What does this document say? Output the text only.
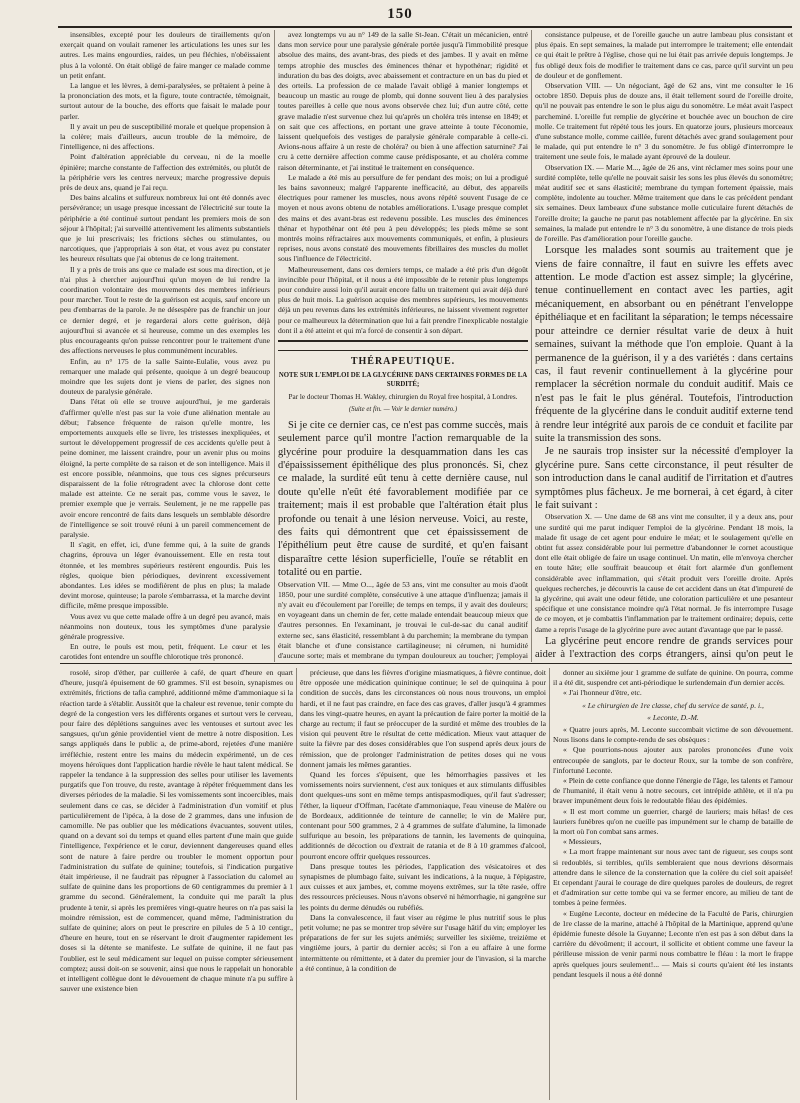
150

insensibles, excepté pour les douleurs de tiraillements qu'on exerçait quand on voulait ramener les articulations les unes sur les autres. Les mains engourdies, raides, un peu fléchies, n'obéissaient plus à la volonté. On était obligé de faire manger ce malade comme un petit enfant.

La langue et les lèvres, à demi-paralysées, se prêtaient à peine à la prononciation des mots, et la figure, toute contractée, témoignait, surtout autour de la bouche, des efforts que faisait le malade pour parler.

Il y avait un peu de susceptibilité morale et quelque propension à la colère; mais d'ailleurs, aucun trouble de la mémoire, de l'intelligence, ni des affections.

Point d'altération appréciable du cerveau, ni de la moelle épinière; marche constante de l'affection des extrémités, ou plutôt de la périphérie vers les centres nerveux; marche progressive depuis près de deux ans, quand je l'ai reçu.

Des bains alcalins et sulfureux nombreux lui ont été donnés avec persévérance; un usage presque incessant de l'électricité sur toute la périphérie a été continué surtout pendant les premiers mois de son séjour à l'hôpital; j'ai surveillé attentivement les aliments substantiels que je lui prescrivais; les frictions sèches ou stimulantes, ou narcotiques, que j'appropriais à son état, et vous avez pu constater les heureux résultats que j'ai obtenus de ce long traitement.

Il y a près de trois ans que ce malade est sous ma direction, et je n'ai plus à chercher aujourd'hui qu'un moyen de lui rendre la coordination volontaire des mouvements des membres inférieurs pour marcher. Tout le reste de la guérison est acquis, sauf encore un peu d'embarras de la parole. Je ne désespère pas de franchir un jour ce dernier degré, et je regarderai alors cette guérison, déjà aujourd'hui si avancée et si heureuse, comme un des exemples les plus encourageants qu'on puisse rencontrer pour le traitement d'une des affections nerveuses le plus communément incurables.

Enfin, au n° 175 de la salle Sainte-Eulalie, vous avez pu remarquer une malade qui présente, quoique à un degré beaucoup moindre que les sujets dont je viens de parler, des signes non douteux de paralysie générale.

Dans l'état où elle se trouve aujourd'hui, je me garderais d'affirmer qu'elle n'est pas sur la voie d'une aliénation mentale au début; l'absence fréquente de raison qu'elle montre, les emportements auxquels elle se livre, les tristesses inexpliquées, et surtout le développement progressif de ces accidents qu'elle peut à peine dominer, me laissent craindre, pour un avenir plus ou moins éloigné, la perte complète de sa raison et de son intelligence. Mais il est encore possible, néanmoins, que tous ces signes précurseurs disparaissent de la folie rétrogradent avec la chlorose dont cette malade est atteinte. Ce ne serait pas, comme vous le savez, le premier exemple que je verrais. Seulement, je ne me rappelle pas avoir encore rencontré de faits dans lesquels un semblable désordre de l'intelligence se soit trouvé réuni à un pareil commencement de paralysie.

Il s'agit, en effet, ici, d'une femme qui, à la suite de grands chagrins, éprouva un léger évanouissement. Elle en resta tout étonnée, et les membres supérieurs restèrent engourdis. Puis les règles, quoique bien périodiques, devinrent excessivement abondantes. Les idées se modifièrent de plus en plus; la malade devint morose, quinteuse; la parole s'embarrassa, et la marche devint difficile, même presque impossible.

Vous avez vu que cette malade offre à un degré peu avancé, mais néanmoins non douteux, tous les symptômes d'une paralysie générale progressive.

En outre, le pouls est mou, petit, fréquent. Le cœur et les carotides font entendre un souffle chlorotique très prononcé.

avez longtemps vu au n° 149 de la salle St-Jean. C'était un mécanicien, entré dans mon service pour une paralysie générale portée jusqu'à l'immobilité presque absolue des mains, des avant-bras, des pieds et des jambes. Il y avait en même temps atrophie des muscles des éminences thénar et hypothénar; rigidité et induration du bas des doigts, avec abaissement et contracture en un bas du pied et des orteils. La profession de ce malade l'avait obligé à manier longtemps et beaucoup un mastic au rouge de plomb, qui donne souvent lieu à des paralysies toutes pareilles à celle que nous avons observée chez lui; d'un autre côté, cette grave maladie n'est survenue chez lui qu'après un choléra très intense en 1849; et on sait que ces affections, en portant une grave atteinte à toute l'économie, laissent quelquefois des vestiges de paralysie générale comparable à celle-ci. Avions-nous affaire à un reste de choléra? ou bien à une affection saturnine? J'ai cru à cette dernière affection comme cause prédisposante, et au choléra comme raison déterminante, et j'ai institué le traitement en conséquence.

Le malade a été mis au persulfure de fer pendant des mois; on lui a prodigué les bains savonneux; malgré l'apparente inefficacité, au début, des appareils électriques pour ramener les muscles, nous avons répété souvent l'usage de ce moyen et nous avons obtenu de notables améliorations. L'usage presque complet des mains et des avant-bras est redevenu possible. Les muscles des éminences thénar et hypothénar ont été peu à peu développés; les pieds même se sont montrés moins réfractaires aux mouvements communiqués, et enfin, à plusieurs reprises, nous avons constaté des mouvements fibrillaires des muscles du mollet sous l'influence de l'électricité.

Malheureusement, dans ces derniers temps, ce malade a été pris d'un dégoût invincible pour l'hôpital, et il nous a été impossible de le retenir plus longtemps pour conduire aussi loin qu'il aurait encore fallu un traitement qui avait déjà duré plus de huit mois. La guérison acquise des membres supérieurs, les mouvements déjà un peu revenus dans les extrémités inférieures, ne laissent vivement regretter pour ce malheureux la détermination que lui a fait prendre l'inexplicable nostalgie dont il a été atteint et qui m'a forcé de consentir à son départ.

THÉRAPEUTIQUE.
NOTE SUR L'EMPLOI DE LA GLYCÉRINE DANS CERTAINES FORMES DE LA SURDITÉ;
Par le docteur Thomas H. Wakley, chirurgien du Royal free hospital, à Londres.
(Suite et fin. — Voir le dernier numéro.)

Si je cite ce dernier cas, ce n'est pas comme succès, mais seulement parce qu'il montre l'action remarquable de la glycérine pour produire la desquammation dans les cas d'épaississement épithélique des plus prononcés. Si, chez ce malade, la surdité eût tenu à cette dernière cause, nul doute qu'elle n'eût été favorablement modifiée par ce traitement; mais il est probable que l'altération était plus profonde ou tenait à une lésion nerveuse. Voici, au reste, des faits qui démontrent que cet épaississement de l'épithélium peut être cause de surdité, et qu'en faisant disparaître cette lésion superficielle, l'ouïe se rétablit en totalité ou en partie.

Observation VII. — Mme O..., âgée de 53 ans, vint me consulter au mois d'août 1850, pour une surdité complète, consécutive à une attaque d'influenza; jamais il n'y avait eu d'écoulement par l'oreille; de temps en temps, il y avait des douleurs; en voyageant dans un chemin de fer, cette malade entendait beaucoup mieux que d'autres personnes. En l'examinant, je trouvai le cul-de-sac du canal auditif externe sec, sans élasticité, ressemblant à du parchemin; la membrane du tympan était blanche et d'une consistance cartilagineuse; ni cérumen, ni humidité d'aucune sorte; mais et membrane du tympan douloureux au toucher; j'employai

consistance pulpeuse, et de l'oreille gauche un autre lambeau plus consistant et plus épais. En sept semaines, la malade put interrompre le traitement; elle entendait ce qui était le prêtre à l'église, chose qui ne lui était pas arrivée depuis longtemps. Je fus obligé deux fois de modifier le traitement dans ce cas, parce qu'il survint un peu de douleur et de gonflement.

Observation VIII. — Un négociant, âgé de 62 ans, vint me consulter le 16 octobre 1850. Depuis plus de douze ans, il était tellement sourd de l'oreille droite, qu'il ne pouvait pas entendre le son le plus aigu du sonomètre. Le méat avait l'aspect parcheminé. L'oreille fut remplie de glycérine et bouchée avec un bouchon de cire molle. Ce traitement fut répété tous les jours. En quatorze jours, plusieurs morceaux d'une substance molle, comme caillée, furent détachés avec grand soulagement pour le malade, qui put entendre le n° 3 du sonomètre. Je fus obligé d'interrompre le traitement une seule fois, le malade ayant éprouvé de la douleur.

Observation IX. — Marie M..., âgée de 26 ans, vint réclamer mes soins pour une surdité complète, telle qu'elle ne pouvait saisir les sons les plus élevés du sonomètre; méat auditif sec et sans élasticité; membrane du tympan fortement épaissie, mais complète, indolente au toucher. Même traitement que dans le cas précédent pendant six semaines. Deux lambeaux d'une substance molle cuticulaire furent détachés de l'oreille droite; la gauche ne parut pas notablement affectée par la glycérine. En six semaines, la malade put entendre le n° 3 du sonomètre, à une distance de trois pieds de l'oreille. Pas d'amélioration pour l'oreille gauche.

Lorsque les malades sont soumis au traitement que je viens de faire connaître, il faut en suivre les effets avec attention. Le mode d'action est assez simple; la glycérine, tenue continuellement en contact avec les parties, agit mécaniquement, en absorbant ou en pénétrant l'enveloppe épithéliaque et en facilitant la séparation; le temps nécessaire pour atteindre ce dernier résultat varie de deux à huit semaines, suivant la méthode que l'on emploie. Quant à la permanence de la guérison, il y a des variétés : dans certains cas, il faut revenir continuellement à la glycérine pour remplacer la sécrétion normale du conduit auditif. Mais ce n'est pas le fait le plus général. Toutefois, l'introduction fréquente de la glycérine dans le conduit auditif externe tend à rendre leur intégrité aux parois de ce conduit et facilite par suite la transmission des sons.

Je ne saurais trop insister sur la nécessité d'employer la glycérine pure. Sans cette circonstance, il peut résulter de son introduction dans le canal auditif de l'irritation et d'autres symptômes plus fâcheux. Je me bornerai, à cet égard, à citer le fait suivant :

Observation X. — Une dame de 68 ans vint me consulter, il y a deux ans, pour une surdité qui me parut indiquer l'emploi de la glycérine. Pendant 18 mois, la malade fit usage de cet agent pour enduire le méat; et le soulagement qu'elle en obtint fut assez considérable pour lui permettre d'abandonner le cornet acoustique dont elle était obligée de faire un usage continuel. Un matin, elle m'envoya chercher en toute hâte; elle souffrait beaucoup et était fort alarmée d'un gonflement considérable avec inflammation, qui s'était produit vers l'oreille droite. Après quelques recherches, je découvris la cause de cet accident dans un état d'impureté de la glycérine, qui avait une odeur fétide, une coloration particulière et une pesanteur spécifique et une consistance moindre qu'à l'état normal. Je fis interrompre l'usage de ce moyen, et je combattis l'inflammation par le traitement ordinaire; depuis, cette dame a repris l'usage de la glycérine pure avec autant d'avantage que par le passé.

La glycérine peut encore rendre de grands services pour aider à l'extraction des corps étrangers, ainsi qu'on peut le

rosolé, sirop d'éther, par cuillerée à café, de quart d'heure en quart d'heure, jusqu'à épuisement de 60 grammes. S'il est besoin, synapismes ou extrémités, frictions de tafia camphré, additionné même d'ammoniaque si la réaction tarde à s'établir. Aussitôt que la chaleur est revenue, tenir compte du degré de la congestion vers les différents organes et surtout vers le cerveau, pour faire des déplétions sanguines avec les ventouses et surtout avec les sangsues, qu'un génie providentiel vient de mettre à notre disposition. Les sangs appliqués dans le public a, de prime-abord, rejetées d'une manière irréfléchie, restent entre les mains du médecin expérimenté, un de ces moyens héroïques dont l'application hardie révèle le haut talent médical. Se rappeler la tendance à la suppression des selles pour utiliser les lavements purgatifs que l'on trouve, du reste, avantage à répéter fréquemment dans les diverses périodes de la maladie. Si les vomissements sont incoercibles, mais seulement dans ce cas, se décider à l'administration d'un vomitif et plus particulièrement de l'ipéca, à la dose de 2 grammes, dans une infusion de camomille. Ne pas oublier que les médications évacuantes, souvent utiles, quand on a devant soi du temps et quand elles partent d'une main que guide l'intelligence, l'expérience et le cœur, deviennent dangereuses quand elles sont de nature à faire perdre ou troubler le moment opportun pour l'administration du sulfate de quinine; toutefois, si l'indication purgative était impérieuse, il ne faudrait pas répugner à l'association du calomel au sulfate de quinine dans les proportions de 60 centigrammes du premier à 1 gramme du second. Généralement, la conduite qui me paraît la plus prudente à tenir, si après les premières vingt-quatre heures on n'a pas saisi la moindre rémission, est de commencer, quand même, l'administration du sulfate de quinine; alors on peut le prescrire en pilules de 5 à 10 centigr., d'heure en heure, tout en se réservant le droit d'augmenter rapidement les doses si la détente se manifeste. Le sulfate de quinine, il ne faut pas l'oublier, est le seul médicament sur lequel on puisse compter sérieusement comptez; aussi doit-on se souvenir, ainsi que nous le rappelait un honorable et intelligent collègue dont le dévouement de chaque minute n'a pu suffire à sauver une existence bien

précieuse, que dans les fièvres d'origine miasmatiques, à fièvre continue, doit être opposée une médication quininique continue; le sel de quinquina à pour condition de succès, dans les circonstances où nous nous trouvons, un emploi hardi, et il ne faut pas craindre, en face des cas graves, d'aller jusqu'à 4 grammes dans les vingt-quatre heures, en ayant la précaution de faire porter la moitié de la charge au rectum; il faut se préoccuper de la surdité et même des troubles de la vision qui peuvent être le résultat de cette médication. Mieux vaut attaquer de suite la fièvre par des doses considérables que l'on suspend après deux jours de rémission, que de prolonger l'administration de petites doses qui ne vous donnent jamais les mêmes garanties.

Quand les forces s'épuisent, que les hémorrhagies passives et les vomissements noirs surviennent, c'est aux toniques et aux stimulants diffusibles dont quelques-uns sont en même temps antispasmodiques, qu'il faut s'adresser; l'éther, la liqueur d'Offman, l'acétate d'ammoniaque, l'eau vineuse de Malère ou de Bordeaux, additionnée de teinture de cannelle; le vin de Malère pur, contenant pour 500 grammes, 2 à 4 grammes de sulfate d'alumine, la limonade sulfurique au besoin, les préparations de tannin, les lavements de quinquina, additionnés de décoction ou d'extrait de ratania et de 8 à 10 grammes d'alcool, pourront encore offrir quelques ressources.

Dans presque toutes les périodes, l'application des vésicatoires et des synapismes de plumbago faite, suivant les indications, à la nuque, à l'épigastre, aux cuisses et aux jambes, et, comme moyens extrêmes, sur la tête rasée, offre des ressources précieuses. Nous n'avons observé ni hémorrhagie, ni gangrène sur les points du derme dénudés ou rubéfiés.

Dans la convalescence, il faut viser au régime le plus nutritif sous le plus petit volume; ne pas se montrer trop sévère sur l'usage hâtif du vin; employer les préparations de fer sur les sujets anémiés; surveiller les sixième, treizième et vingtième jours, à partir du dernier accès; si l'on a eu affaire à une forme intermittente ou rémittente, et à dater du premier jour de l'invasion, si la marche a été continue, à la condition de

donner au sixième jour 1 gramme de sulfate de quinine. On pourra, comme il a été dit, suspendre cet anti-périodique le surlendemain d'un dernier accès.

« J'ai l'honneur d'être, etc.

« Le chirurgien de 1re classe, chef du service de santé, p. i.,
« Leconte, D.-M.

« Quatre jours après, M. Leconte succombait victime de son dévouement. Nous lisons dans le compte-rendu de ses obsèques :

« Que pourrions-nous ajouter aux paroles prononcées d'une voix entrecoupée de sanglots, par le docteur Roux, sur la tombe de son confrère, l'infortuné Leconte.

« Plein de cette confiance que donne l'énergie de l'âge, les talents et l'amour de l'humanité, il était venu à notre secours, cet intrépide athlète, et il n'a pu braver impunément deux fois le redoutable fléau des épidémies.

« Il est mort comme un guerrier, chargé de lauriers; mais hélas! de ces lauriers funèbres qu'on ne cueille pas impunément sur le champ de bataille de la mort où l'on combat sans armes.

« Messieurs,

« La mort frappe maintenant sur nous avec tant de rigueur, ses coups sont si redoublés, si terribles, qu'ils sembleraient que nous devrions désormais attendre dans le silence de la consternation que la colère du ciel soit apaisée! Et cependant j'aurai le courage de dire quelques paroles de douleurs, de regret et d'admiration sur cette tombe qui va se fermer encore, au milieu de tant de tombes à peine fermées.

« Eugène Leconte, docteur en médecine de la Faculté de Paris, chirurgien de 1re classe de la marine, attaché à l'hôpital de la Martinique, apprend qu'une épidémie funeste désole la Guyanne; Leconte n'en est pas à son début dans la carrière du dévoûment; il accourt, il sollicite et obtient comme une faveur la périlleuse mission de venir parmi nous combattre le fléau : la mort le frappe après quelques jours seulement!... — Mais si courts qu'aient été les instants pendant lesquels il nous a été donné
